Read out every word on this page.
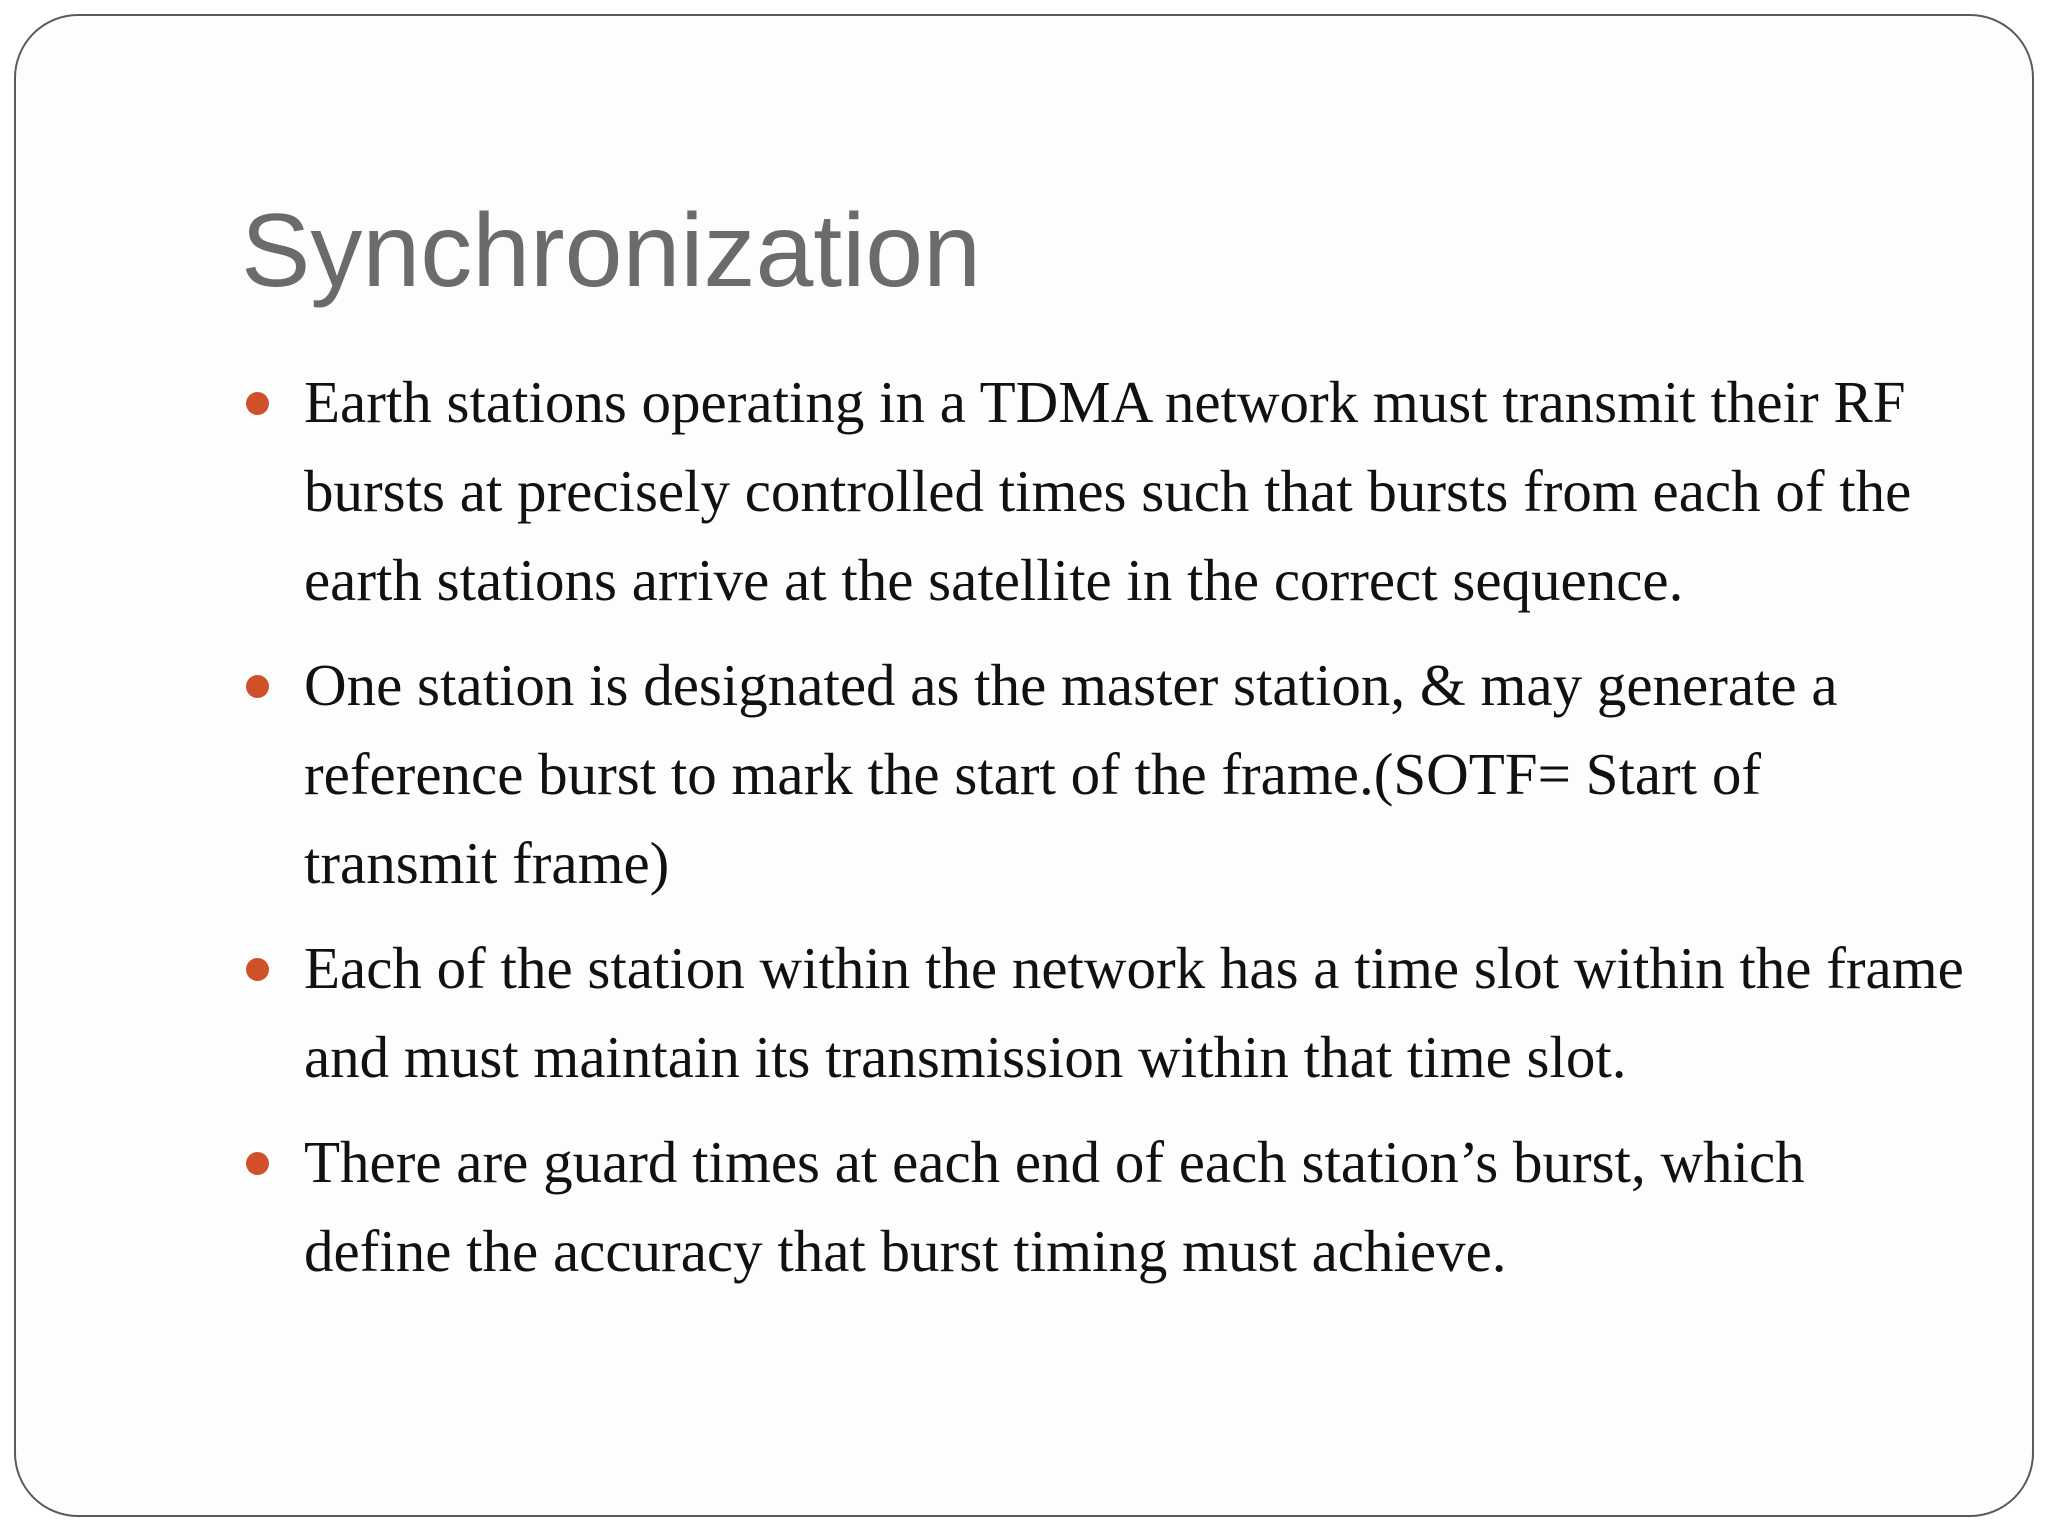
Synchronization
Earth stations operating in a TDMA network must transmit their RF bursts at precisely controlled times such that bursts from each of the earth stations arrive at the satellite in the correct sequence.
One station is designated as the master station, & may generate a reference burst to mark the start of the frame.(SOTF= Start of transmit frame)
Each of the station within the network has a time slot within the frame and must maintain its transmission within that time slot.
There are guard times at each end of each station’s burst, which define the accuracy that burst timing must achieve.
